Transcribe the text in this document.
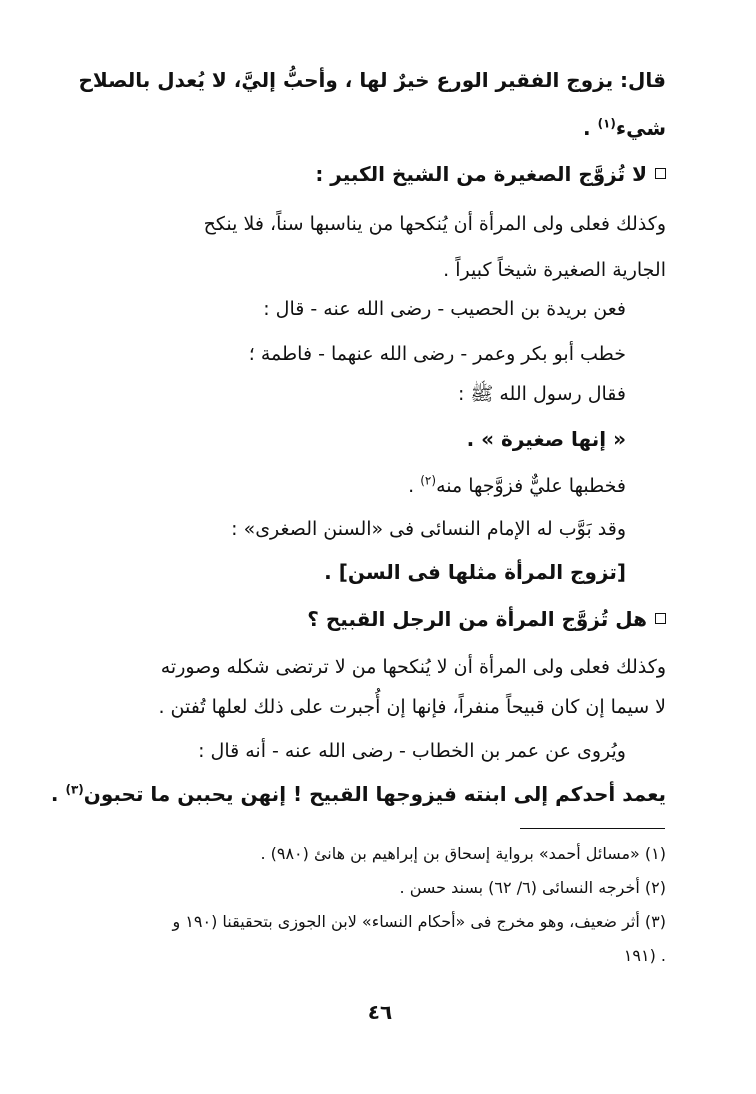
قال: يزوج الفقير الورع خيرٌ لها ، وأحبُّ إليَّ، لا يُعدل بالصلاح
شيء$^{(١)}$ .
لا تُزوَّج الصغيرة من الشيخ الكبير :
وكذلك فعلى ولى المرأة أن يُنكحها من يناسبها سناً، فلا ينكح
الجارية الصغيرة شيخاً كبيراً .
فعن بريدة بن الحصيب - رضى الله عنه - قال :
خطب أبو بكر وعمر - رضى الله عنهما - فاطمة ؛
فقال رسول الله ﷺ :
« إنها صغيرة » .
فخطبها عليٌّ فزوَّجها منه$^{(٢)}$ .
وقد بَوَّب له الإمام النسائى فى «السنن الصغرى» :
[تزوج المرأة مثلها فى السن] .
هل تُزوَّج المرأة من الرجل القبيح ؟
وكذلك فعلى ولى المرأة أن لا يُنكحها من لا ترتضى شكله وصورته
لا سيما إن كان قبيحاً منفراً، فإنها إن أُجبرت على ذلك لعلها تُفتن .
ويُروى عن عمر بن الخطاب - رضى الله عنه - أنه قال :
يعمد أحدكم إلى ابنته فيزوجها القبيح ! إنهن يحببن ما تحبون$^{(٣)}$ .
(١) «مسائل أحمد» برواية إسحاق بن إبراهيم بن هانئ (٩٨٠) .
(٢) أخرجه النسائى (٦/ ٦٢) بسند حسن .
(٣) أثر ضعيف، وهو مخرج فى «أحكام النساء» لابن الجوزى بتحقيقنا (١٩٠ و
١٩١) .
٤٦
